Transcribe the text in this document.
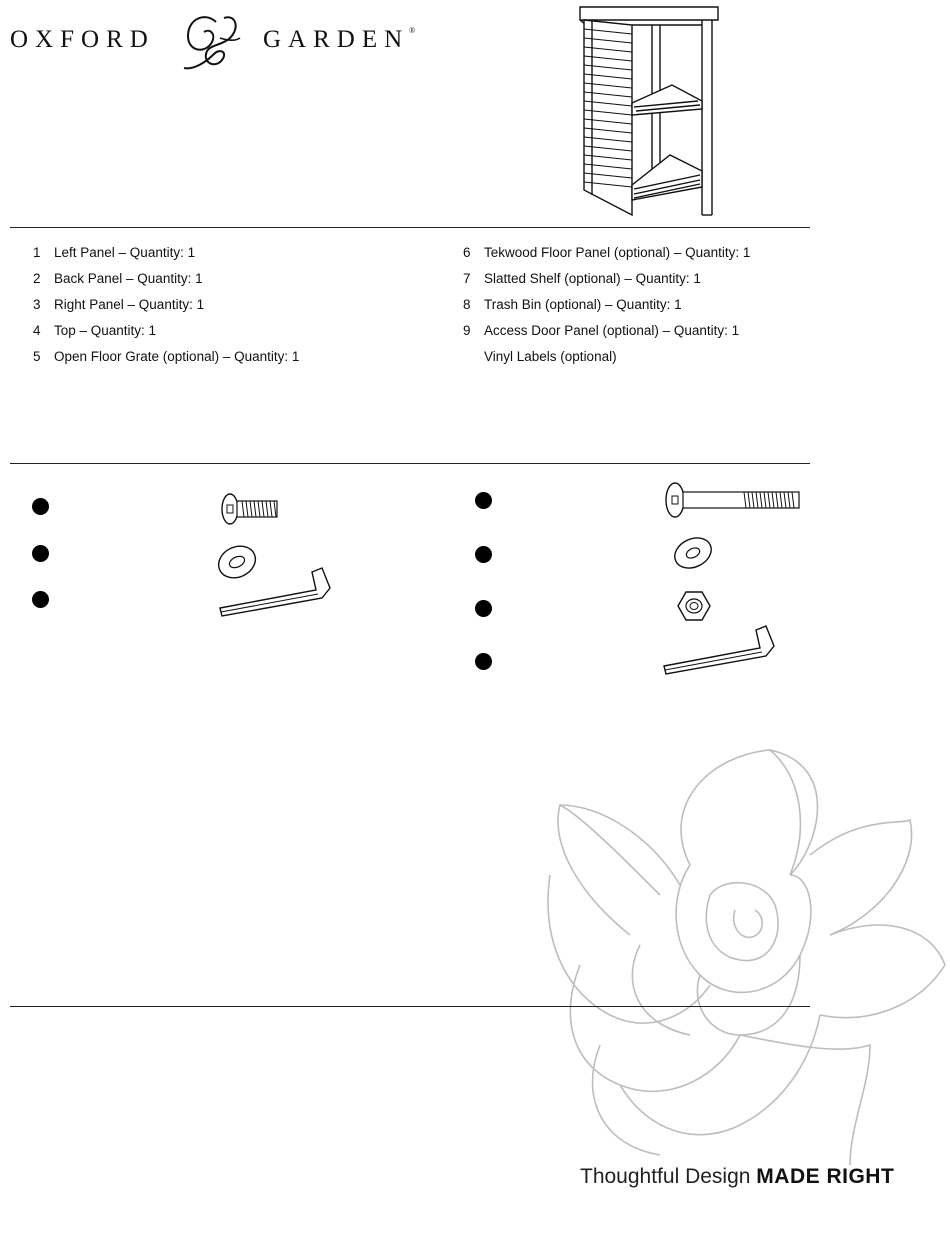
OXFORD	GARDEN®
1 Left Panel – Quantity: 1
2 Back Panel – Quantity: 1
3 Right Panel – Quantity: 1
4 Top – Quantity: 1
5 Open Floor Grate (optional) – Quantity: 1
6 Tekwood Floor Panel (optional) – Quantity: 1
7 Slatted Shelf (optional) – Quantity: 1
8 Trash Bin (optional) – Quantity: 1
9 Access Door Panel (optional) – Quantity: 1
Vinyl Labels (optional)
Thoughtful Design MADE RIGHT
